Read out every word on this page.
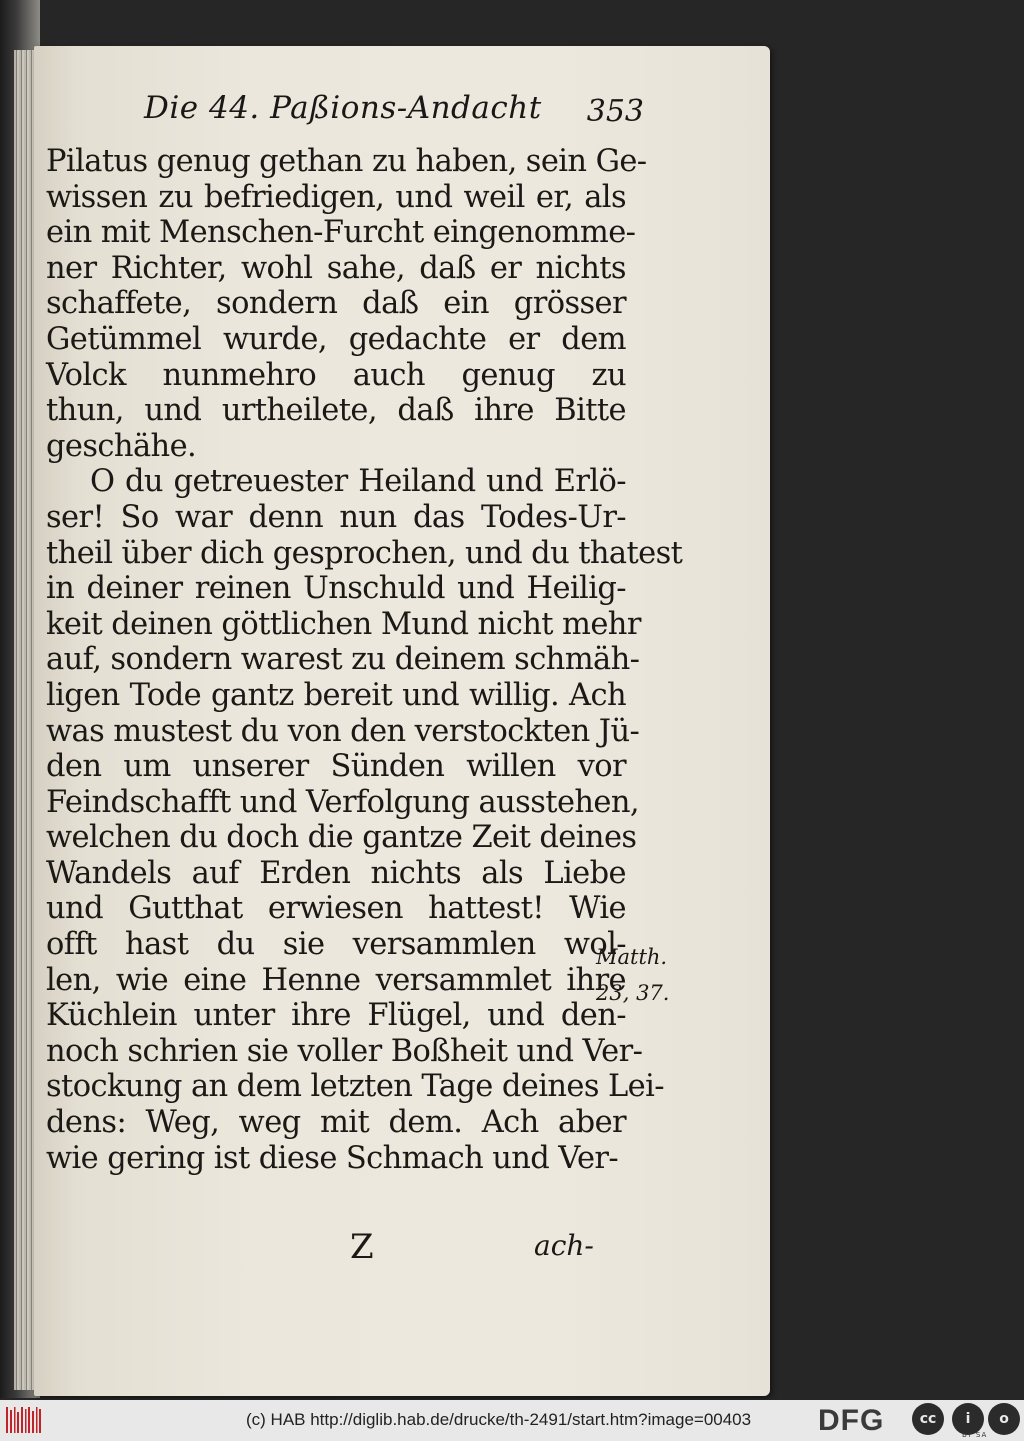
Die 44. Paßions-Andacht 353
Pilatus genug gethan zu haben, sein Ge-
wissen zu befriedigen, und weil er, als
ein mit Menschen-Furcht eingenomme-
ner Richter, wohl sahe, daß er nichts
schaffete, sondern daß ein grösser
Getümmel wurde, gedachte er dem
Volck nunmehro auch genug zu
thun, und urtheilete, daß ihre Bitte
geschähe.
O du getreuester Heiland und Erlö-
ser! So war denn nun das Todes-Ur-
theil über dich gesprochen, und du thatest
in deiner reinen Unschuld und Heilig-
keit deinen göttlichen Mund nicht mehr
auf, sondern warest zu deinem schmäh-
ligen Tode gantz bereit und willig. Ach
was mustest du von den verstockten Jü-
den um unserer Sünden willen vor
Feindschafft und Verfolgung ausstehen,
welchen du doch die gantze Zeit deines
Wandels auf Erden nichts als Liebe
und Gutthat erwiesen hattest! Wie
offt hast du sie versammlen wol-
len, wie eine Henne versammlet ihre
Küchlein unter ihre Flügel, und den-
noch schrien sie voller Boßheit und Ver-
stockung an dem letzten Tage deines Lei-
dens: Weg, weg mit dem. Ach aber
wie gering ist diese Schmach und Ver-
Matth.
23, 37.
Z	ach-
(c) HAB http://diglib.hab.de/drucke/th-2491/start.htm?image=00403 DFG	cc	i	o
BY SA
